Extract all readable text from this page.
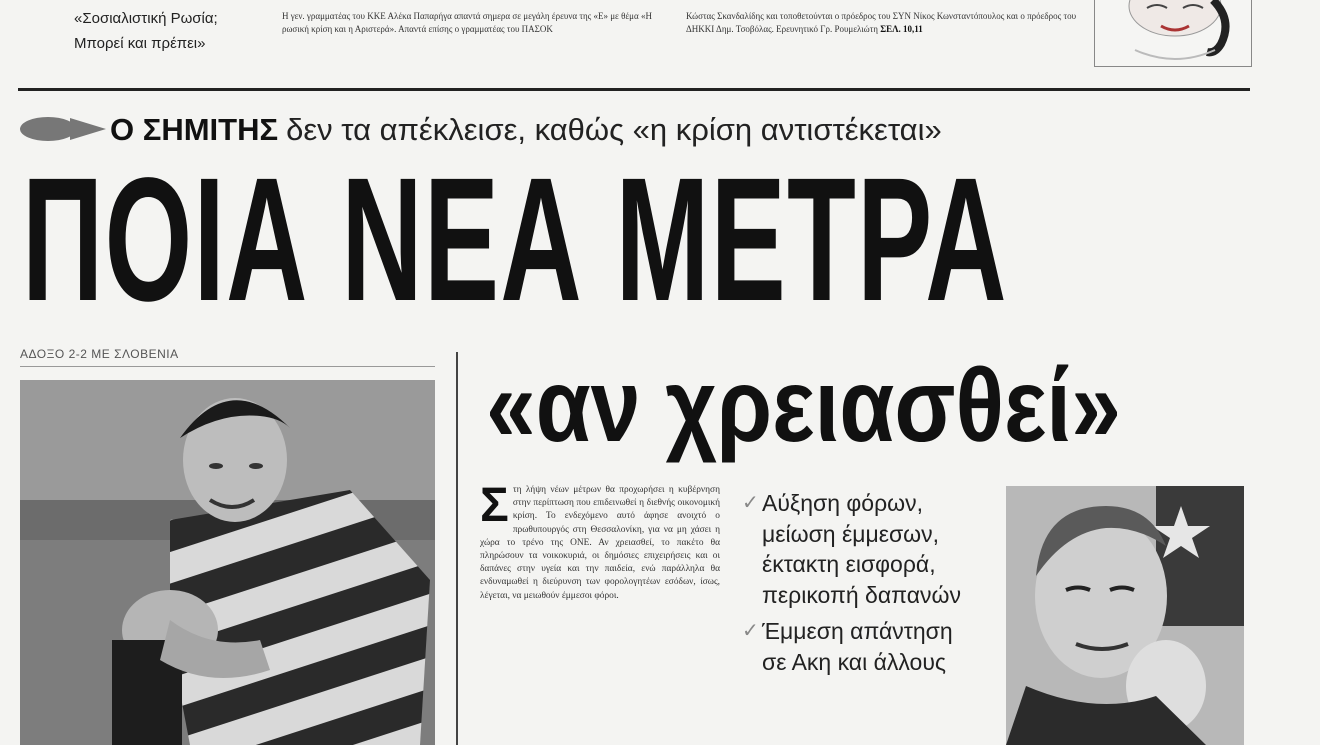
«Σοσιαλιστική Ρωσία;
Μπορεί και πρέπει»
Η γεν. γραμματέας του ΚΚΕ Αλέκα Παπαρήγα απαντά σημερα σε μεγάλη έρευνα της «Ε» με θέμα «Η ρωσική κρίση και η Αριστερά». Απαντά επίσης ο γραμματέας του ΠΑΣΟΚ
Κώστας Σκανδαλίδης και τοποθετούνται ο πρόεδρος του ΣΥΝ Νίκος Κωνσταντόπουλος και ο πρόεδρος του ΔΗΚΚΙ Δημ. Τσοβόλας. Ερευνητικό Γρ. Ρουμελιώτη ΣΕΛ. 10,11
Ο ΣΗΜΙΤΗΣ δεν τα απέκλεισε, καθώς «η κρίση αντιστέκεται»
ΠΟΙΑ ΝΕΑ ΜΕΤΡΑ
«αν χρειασθεί»
ΑΔΟΞΟ 2-2 ΜΕ ΣΛΟΒΕΝΙΑ
Στη λήψη νέων μέτρων θα προχωρήσει η κυβέρνηση στην περίπτωση που επιδεινωθεί η διεθνής οικονομική κρίση. Το ενδεχόμενο αυτό άφησε ανοιχτό ο πρωθυπουργός στη Θεσσαλονίκη, για να μη χάσει η χώρα το τρένο της ΟΝΕ. Αν χρειασθεί, το πακέτο θα πληρώσουν τα νοικοκυριά, οι δημόσιες επιχειρήσεις και οι δαπάνες στην υγεία και την παιδεία, ενώ παράλληλα θα ενδυναμωθεί η διεύρυνση των φορολογητέων εσόδων, ίσως, λέγεται, να μειωθούν έμμεσοι φόροι.
✓ Αύξηση φόρων,
μείωση έμμεσων,
έκτακτη εισφορά,
περικοπή δαπανών
✓ Έμμεση απάντηση
σε Ακη και άλλους
